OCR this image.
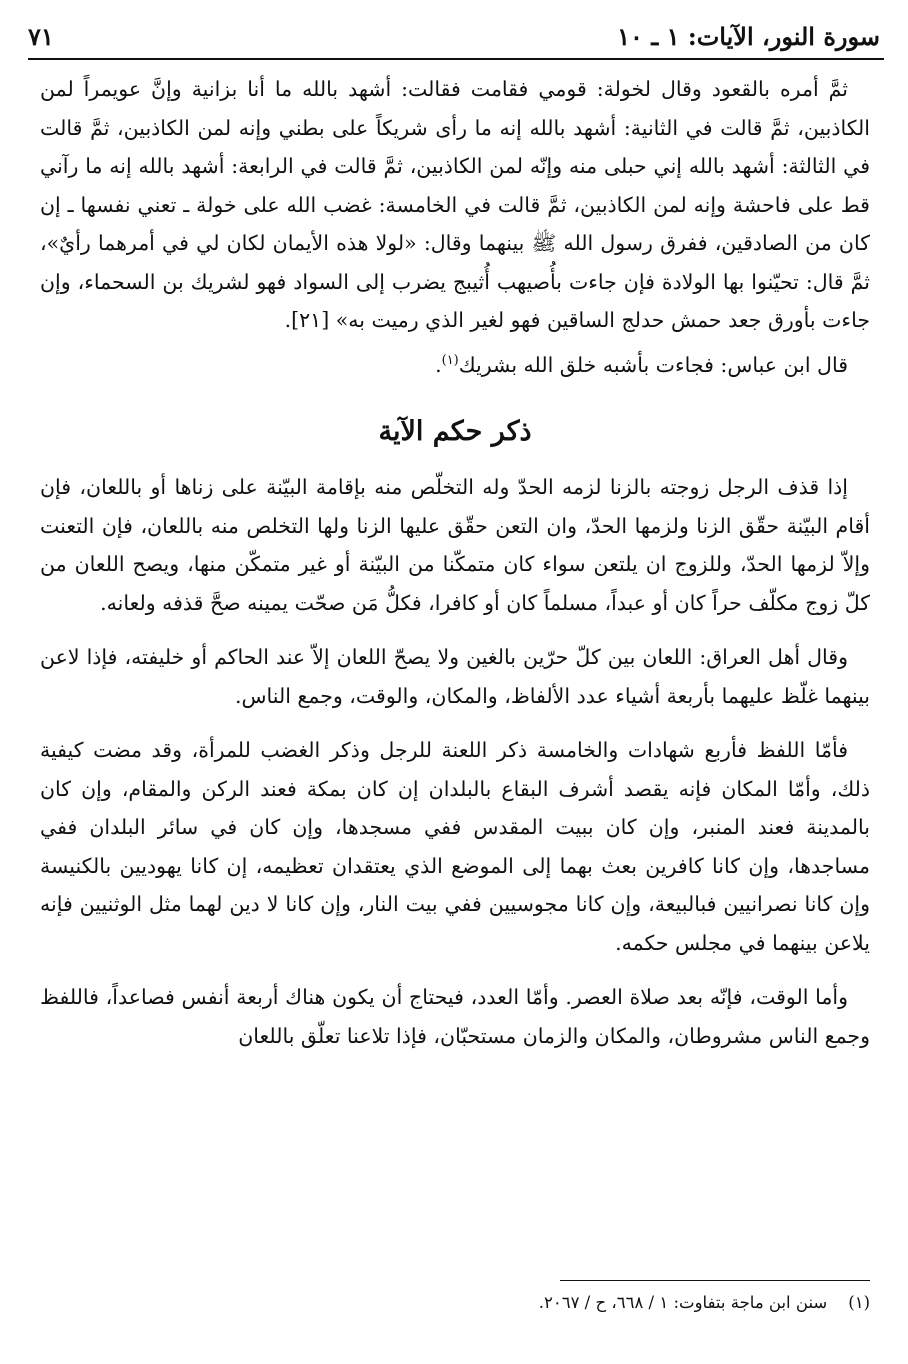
سورة النور، الآيات: ١ ـ ١٠
٧١

ثمَّ أمره بالقعود وقال لخولة: قومي فقامت فقالت: أشهد بالله ما أنا بزانية وإنَّ عويمراً لمن الكاذبين، ثمَّ قالت في الثانية: أشهد بالله إنه ما رأى شريكاً على بطني وإنه لمن الكاذبين، ثمَّ قالت في الثالثة: أشهد بالله إني حبلى منه وإنّه لمن الكاذبين، ثمَّ قالت في الرابعة: أشهد بالله إنه ما رآني قط على فاحشة وإنه لمن الكاذبين، ثمَّ قالت في الخامسة: غضب الله على خولة ـ تعني نفسها ـ إن كان من الصادقين، ففرق رسول الله ﷺ بينهما وقال: «لولا هذه الأيمان لكان لي في أمرهما رأيٌ»، ثمَّ قال: تحيّنوا بها الولادة فإن جاءت بأُصيهب أُثيبج يضرب إلى السواد فهو لشريك بن السحماء، وإن جاءت بأورق جعد حمش حدلج الساقين فهو لغير الذي رميت به» [٢١].

قال ابن عباس: فجاءت بأشبه خلق الله بشريك$^{(١)}$.

ذكر حكم الآية

إذا قذف الرجل زوجته بالزنا لزمه الحدّ وله التخلّص منه بإقامة البيّنة على زناها أو باللعان، فإن أقام البيّنة حقّق الزنا ولزمها الحدّ، وان التعن حقّق عليها الزنا ولها التخلص منه باللعان، فإن التعنت وإلاّ لزمها الحدّ، وللزوج ان يلتعن سواء كان متمكّنا من البيّنة أو غير متمكّن منها، ويصح اللعان من كلّ زوج مكلّف حراً كان أو عبداً، مسلماً كان أو كافرا، فكلُّ مَن صحّت يمينه صحَّ قذفه ولعانه.

وقال أهل العراق: اللعان بين كلّ حرّين بالغين ولا يصحّ اللعان إلاّ عند الحاكم أو خليفته، فإذا لاعن بينهما غلّظ عليهما بأربعة أشياء عدد الألفاظ، والمكان، والوقت، وجمع الناس.

فأمّا اللفظ فأربع شهادات والخامسة ذكر اللعنة للرجل وذكر الغضب للمرأة، وقد مضت كيفية ذلك، وأمّا المكان فإنه يقصد أشرف البقاع بالبلدان إن كان بمكة فعند الركن والمقام، وإن كان بالمدينة فعند المنبر، وإن كان ببيت المقدس ففي مسجدها، وإن كان في سائر البلدان ففي مساجدها، وإن كانا كافرين بعث بهما إلى الموضع الذي يعتقدان تعظيمه، إن كانا يهوديين بالكنيسة وإن كانا نصرانيين فبالبيعة، وإن كانا مجوسيين ففي بيت النار، وإن كانا لا دين لهما مثل الوثنيين فإنه يلاعن بينهما في مجلس حكمه.

وأما الوقت، فإنّه بعد صلاة العصر. وأمّا العدد، فيحتاج أن يكون هناك أربعة أنفس فصاعداً، فاللفظ وجمع الناس مشروطان، والمكان والزمان مستحبّان، فإذا تلاعنا تعلّق باللعان

(١)    سنن ابن ماجة بتفاوت: ١ / ٦٦٨، ح / ٢٠٦٧.
